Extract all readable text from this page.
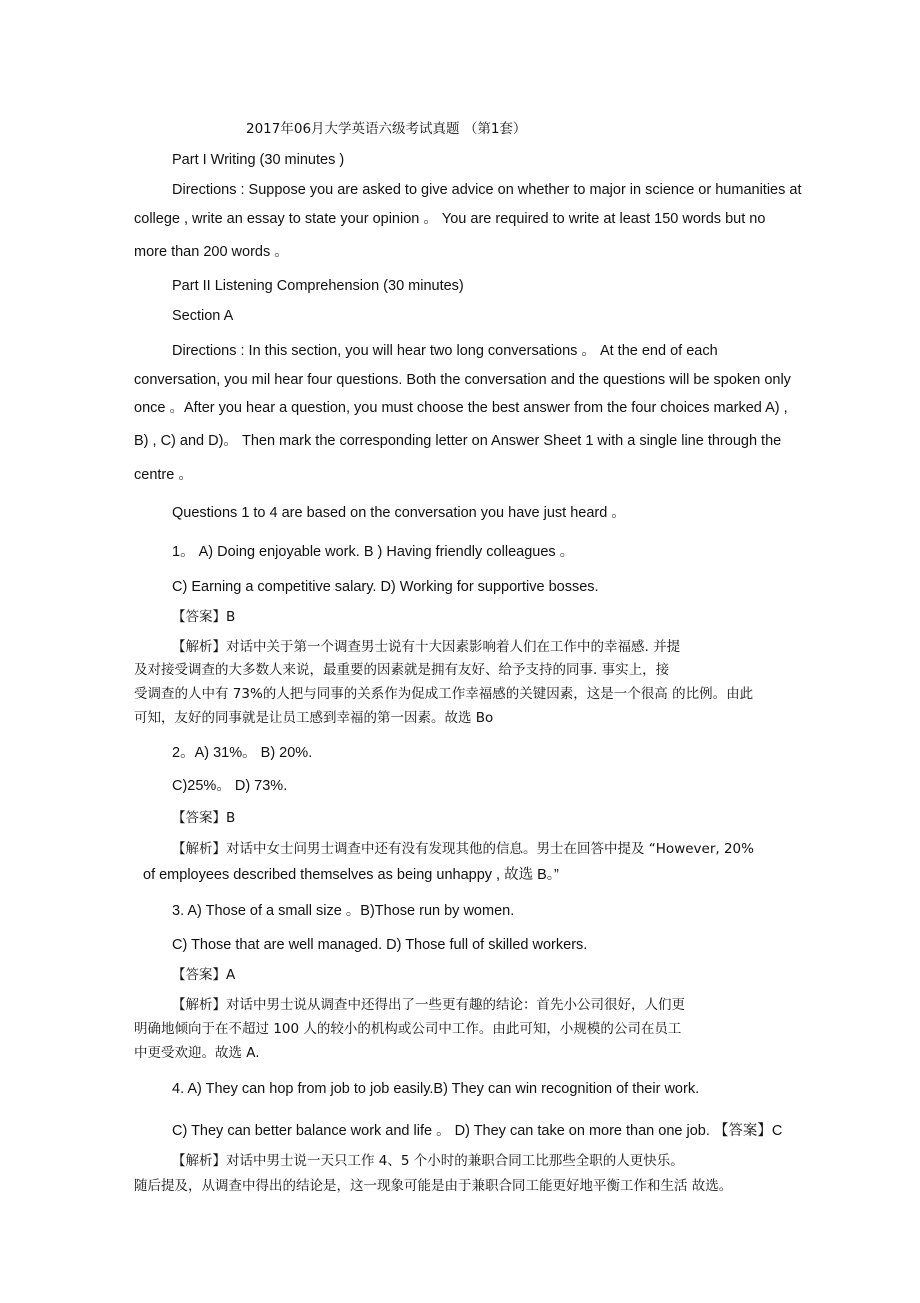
2017年06月大学英语六级考试真题 （第1套）
Part I Writing (30 minutes )
Directions : Suppose you are asked to give advice on whether to major in science or humanities at
college , write an essay to state your opinion 。 You are required to write at least 150 words but no
more than 200 words 。
Part II Listening Comprehension (30 minutes)
Section A
Directions : In this section, you will hear two long conversations 。 At the end of each
conversation, you mil hear four questions. Both the conversation and the questions will be spoken only
once 。After you hear a question, you must choose the best answer from the four choices marked A) ,
B) , C) and D)。 Then mark the corresponding letter on Answer Sheet 1 with a single line through the
centre 。
Questions 1 to 4 are based on the conversation you have just heard 。
1。 A) Doing enjoyable work. B ) Having friendly colleagues 。
C) Earning a competitive salary. D) Working for supportive bosses.
【答案】B
【解析】对话中关于第一个调查男士说有十大因素影响着人们在工作中的幸福感. 并提
及对接受调查的大多数人来说，最重要的因素就是拥有友好、给予支持的同事. 事实上，接
受调查的人中有 73%的人把与同事的关系作为促成工作幸福感的关键因素，这是一个很高 的比例。由此
可知，友好的同事就是让员工感到幸福的第一因素。故选 Bo
2。A) 31%。 B) 20%.
C)25%。 D) 73%.
【答案】B
【解析】对话中女士问男士调查中还有没有发现其他的信息。男士在回答中提及 “However, 20%
of employees described themselves as being unhappy , 故选 B。”
3. A) Those of a small size 。B)Those run by women.
C) Those that are well managed. D) Those full of skilled workers.
【答案】A
【解析】对话中男士说从调查中还得出了一些更有趣的结论：首先小公司很好，人们更
明确地倾向于在不超过 100 人的较小的机构或公司中工作。由此可知，小规模的公司在员工
中更受欢迎。故选 A.
4. A) They can hop from job to job easily.B) They can win recognition of their work.
C) They can better balance work and life 。 D) They can take on more than one job. 【答案】C
【解析】对话中男士说一天只工作 4、5 个小时的兼职合同工比那些全职的人更快乐。
随后提及，从调查中得出的结论是，这一现象可能是由于兼职合同工能更好地平衡工作和生活 故选。
